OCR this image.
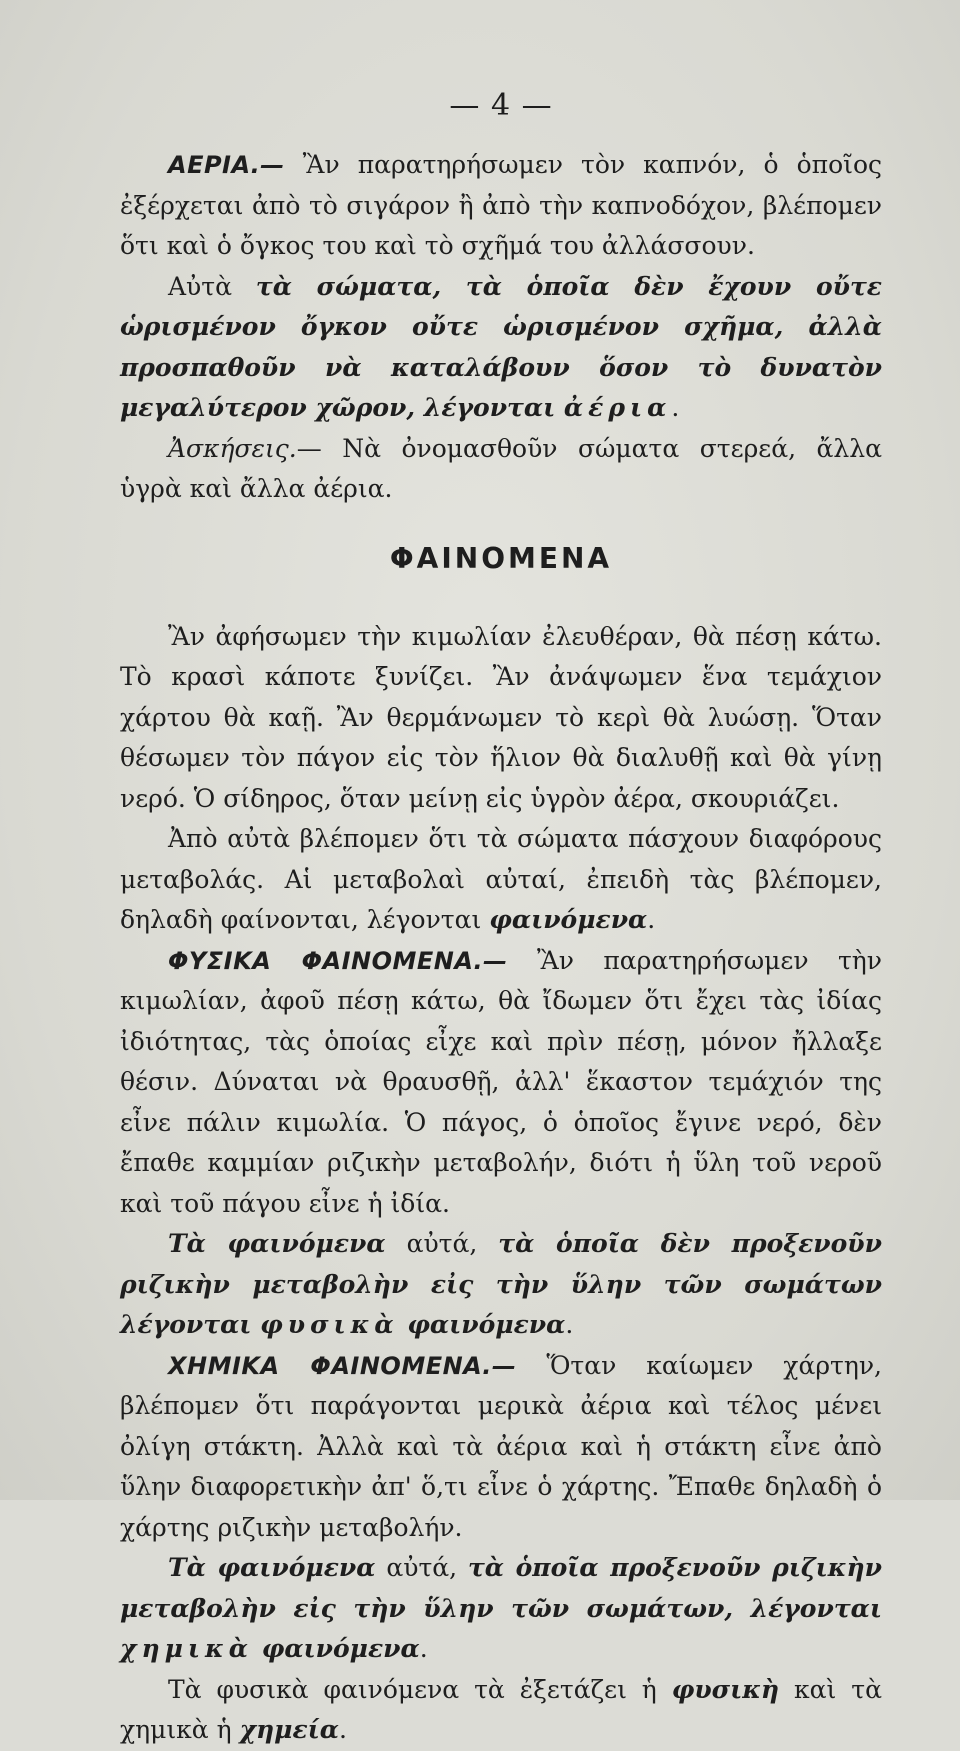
— 4 —

ΑΕΡΙΑ.— Ἂν παρατηρήσωμεν τὸν καπνόν, ὁ ὁποῖος ἐξέρχεται ἀπὸ τὸ σιγάρον ἢ ἀπὸ τὴν καπνοδόχον, βλέπομεν ὅτι καὶ ὁ ὄγκος του καὶ τὸ σχῆμά του ἀλλάσσουν.

Αὐτὰ τὰ σώματα, τὰ ὁποῖα δὲν ἔχουν οὔτε ὡρισμένον ὄγκον οὔτε ὡρισμένον σχῆμα, ἀλλὰ προσπαθοῦν νὰ καταλάβουν ὅσον τὸ δυνατὸν μεγαλύτερον χῶρον, λέγονται ἀέρια.

Ἀσκήσεις.— Νὰ ὀνομασθοῦν σώματα στερεά, ἄλλα ὑγρὰ καὶ ἄλλα ἀέρια.

ΦΑΙΝΟΜΕΝΑ

Ἂν ἀφήσωμεν τὴν κιμωλίαν ἐλευθέραν, θὰ πέσῃ κάτω. Τὸ κρασὶ κάποτε ξυνίζει. Ἂν ἀνάψωμεν ἕνα τεμάχιον χάρτου θὰ καῇ. Ἂν θερμάνωμεν τὸ κερὶ θὰ λυώσῃ. Ὅταν θέσωμεν τὸν πάγον εἰς τὸν ἥλιον θὰ διαλυθῇ καὶ θὰ γίνῃ νερό. Ὁ σίδηρος, ὅταν μείνῃ εἰς ὑγρὸν ἀέρα, σκουριάζει.

Ἀπὸ αὐτὰ βλέπομεν ὅτι τὰ σώματα πάσχουν διαφόρους μεταβολάς. Αἱ μεταβολαὶ αὐταί, ἐπειδὴ τὰς βλέπομεν, δηλαδὴ φαίνονται, λέγονται φαινόμενα.

ΦΥΣΙΚΑ ΦΑΙΝΟΜΕΝΑ.— Ἂν παρατηρήσωμεν τὴν κιμωλίαν, ἀφοῦ πέσῃ κάτω, θὰ ἴδωμεν ὅτι ἔχει τὰς ἰδίας ἰδιότητας, τὰς ὁποίας εἶχε καὶ πρὶν πέσῃ, μόνον ἤλλαξε θέσιν. Δύναται νὰ θραυσθῇ, ἀλλ' ἕκαστον τεμάχιόν της εἶνε πάλιν κιμωλία. Ὁ πάγος, ὁ ὁποῖος ἔγινε νερό, δὲν ἔπαθε καμμίαν ριζικὴν μεταβολήν, διότι ἡ ὕλη τοῦ νεροῦ καὶ τοῦ πάγου εἶνε ἡ ἰδία.

Τὰ φαινόμενα αὐτά, τὰ ὁποῖα δὲν προξενοῦν ριζικὴν μεταβολὴν εἰς τὴν ὕλην τῶν σωμάτων λέγονται φυσικὰ φαινόμενα.

ΧΗΜΙΚΑ ΦΑΙΝΟΜΕΝΑ.— Ὅταν καίωμεν χάρτην, βλέπομεν ὅτι παράγονται μερικὰ ἀέρια καὶ τέλος μένει ὀλίγη στάκτη. Ἀλλὰ καὶ τὰ ἀέρια καὶ ἡ στάκτη εἶνε ἀπὸ ὕλην διαφορετικὴν ἀπ' ὅ,τι εἶνε ὁ χάρτης. Ἔπαθε δηλαδὴ ὁ χάρτης ριζικὴν μεταβολήν.

Τὰ φαινόμενα αὐτά, τὰ ὁποῖα προξενοῦν ριζικὴν μεταβολὴν εἰς τὴν ὕλην τῶν σωμάτων, λέγονται χημικὰ φαινόμενα.

Τὰ φυσικὰ φαινόμενα τὰ ἐξετάζει ἡ φυσικὴ καὶ τὰ χημικὰ ἡ χημεία.
